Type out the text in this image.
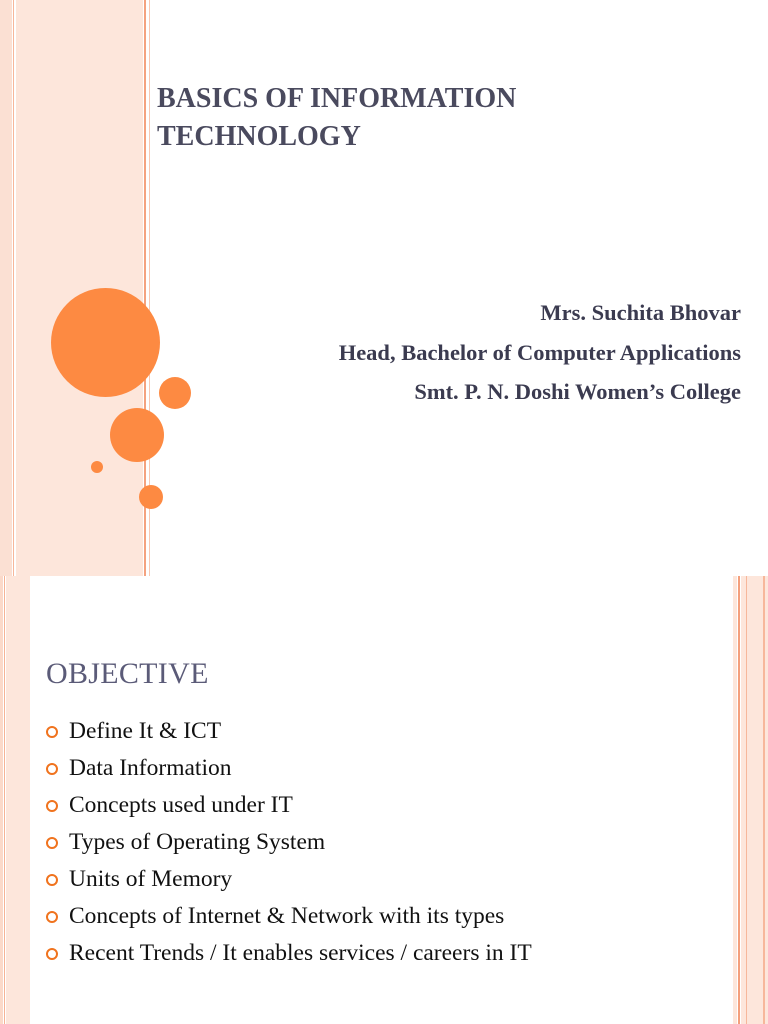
BASICS OF INFORMATION
TECHNOLOGY
Mrs. Suchita Bhovar
Head, Bachelor of Computer Applications
Smt. P. N. Doshi Women’s College
OBJECTIVE
Define It & ICT
Data Information
Concepts used under IT
Types of Operating System
Units of Memory
Concepts of Internet & Network with its types
Recent Trends / It enables services / careers in IT
